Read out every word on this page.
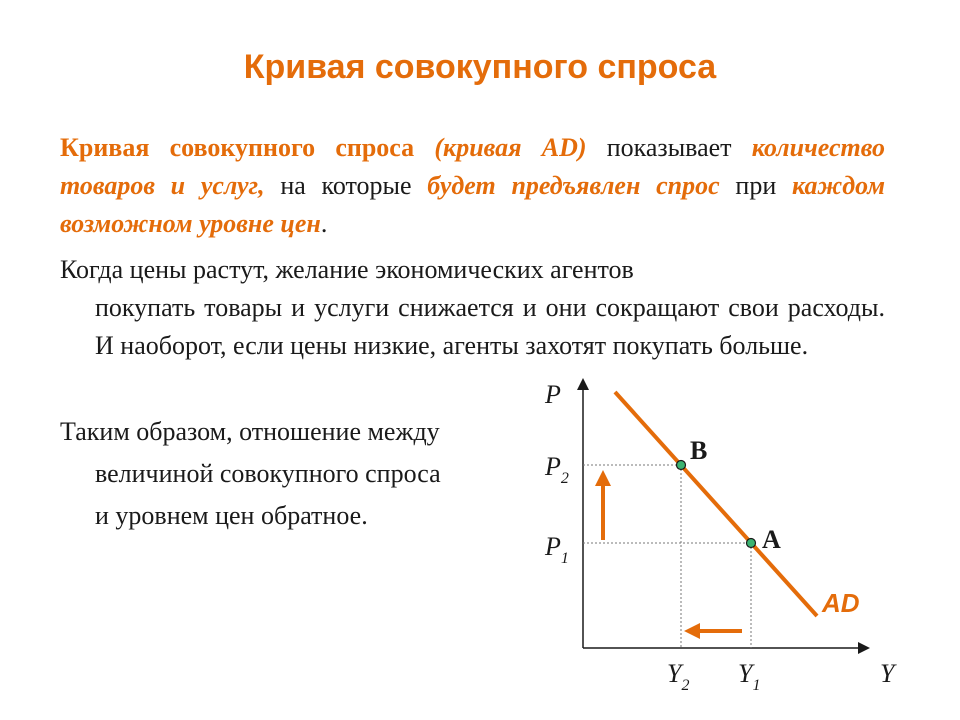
Кривая совокупного спроса

Кривая совокупного спроса (кривая AD) показывает количество товаров и услуг, на которые будет предъявлен спрос при каждом возможном уровне цен.

Когда цены растут, желание экономических агентов
покупать товары и услуги снижается и они сокращают свои расходы. И наоборот, если цены низкие, агенты захотят покупать больше.

Таким образом, отношение между
величиной совокупного спроса
и уровнем цен обратное.

P
Y
$P_2$
$P_1$
$Y_2$ $Y_1$
B
A
AD
